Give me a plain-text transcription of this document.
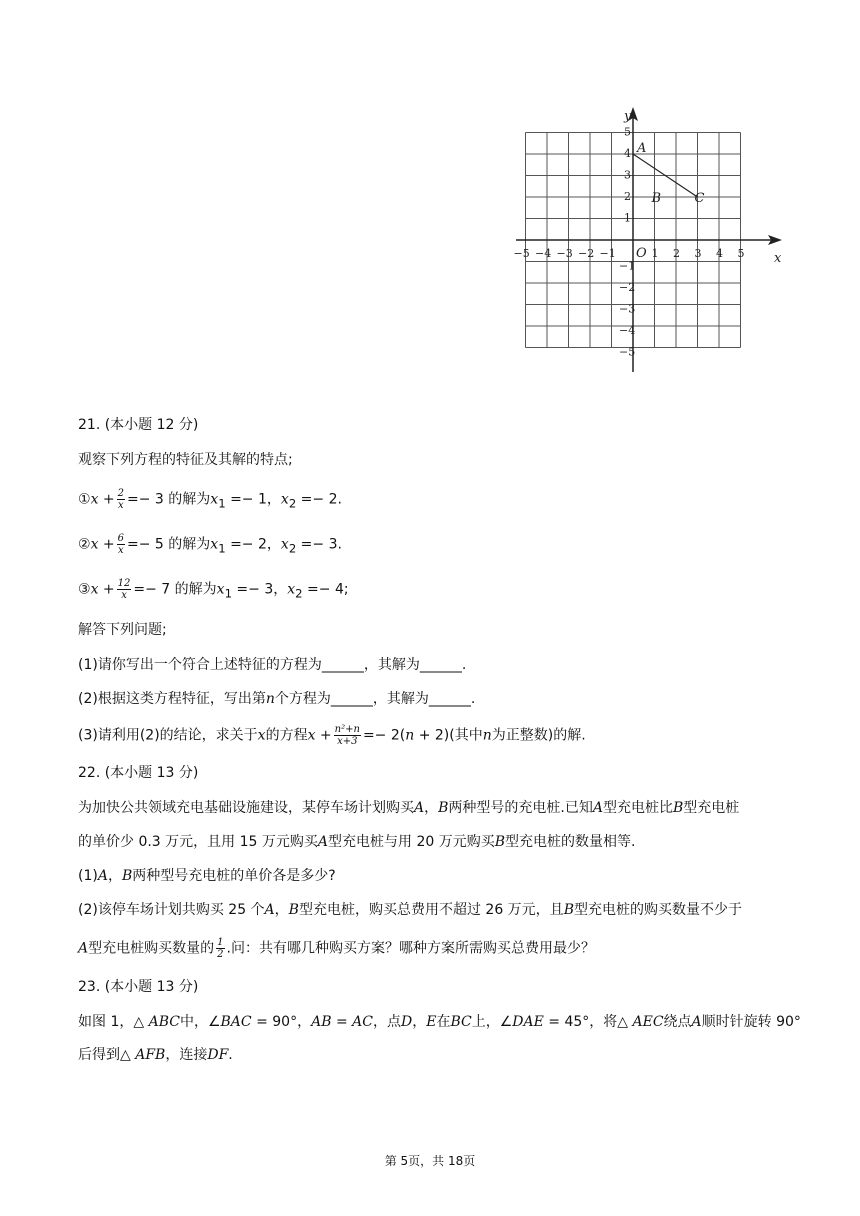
x
y
O
−5 −4 −3 −2 −1	1 2 3 4 5
5
4
3
2
1
−1
−2
−3
−4
−5
A
B	C
21. (本小题 12 分)
观察下列方程的特征及其解的特点;
①x + $\frac{2}{x} =- 3$ 的解为$x_1 =- 1$，$x_2 =- 2$.
②x + $\frac{6}{x} =- 5$ 的解为$x_1 =- 2$，$x_2 =- 3$.
③x + $\frac{12}{x} =- 7$ 的解为$x_1 =- 3$，$x_2 =- 4$;
解答下列问题;
(1)请你写出一个符合上述特征的方程为______，其解为______.
(2)根据这类方程特征，写出第n个方程为______，其解为______.
(3)请利用(2)的结论，求关于x的方程$x + \frac{\text{n²+n}}{x+3} =- 2(n + 2)$(其中n为正整数)的解.
22. (本小题 13 分)
为加快公共领域充电基础设施建设，某停车场计划购买A，B两种型号的充电桩.已知A型充电桩比B型充电桩
的单价少 0.3 万元，且用 15 万元购买A型充电桩与用 20 万元购买B型充电桩的数量相等.
(1)A，B两种型号充电桩的单价各是多少?
(2)该停车场计划共购买 25 个A，B型充电桩，购买总费用不超过 26 万元，且B型充电桩的购买数量不少于
A型充电桩购买数量的 $\frac{1}{2}$ .问：共有哪几种购买方案？哪种方案所需购买总费用最少？
23. (本小题 13 分)
如图 1，△ ABC中，∠BAC = 90°，AB = AC，点D，E在BC上，∠DAE = 45°，将△ AEC绕点A顺时针旋转 90°
后得到△ AFB，连接DF.
第 5页，共 18页
